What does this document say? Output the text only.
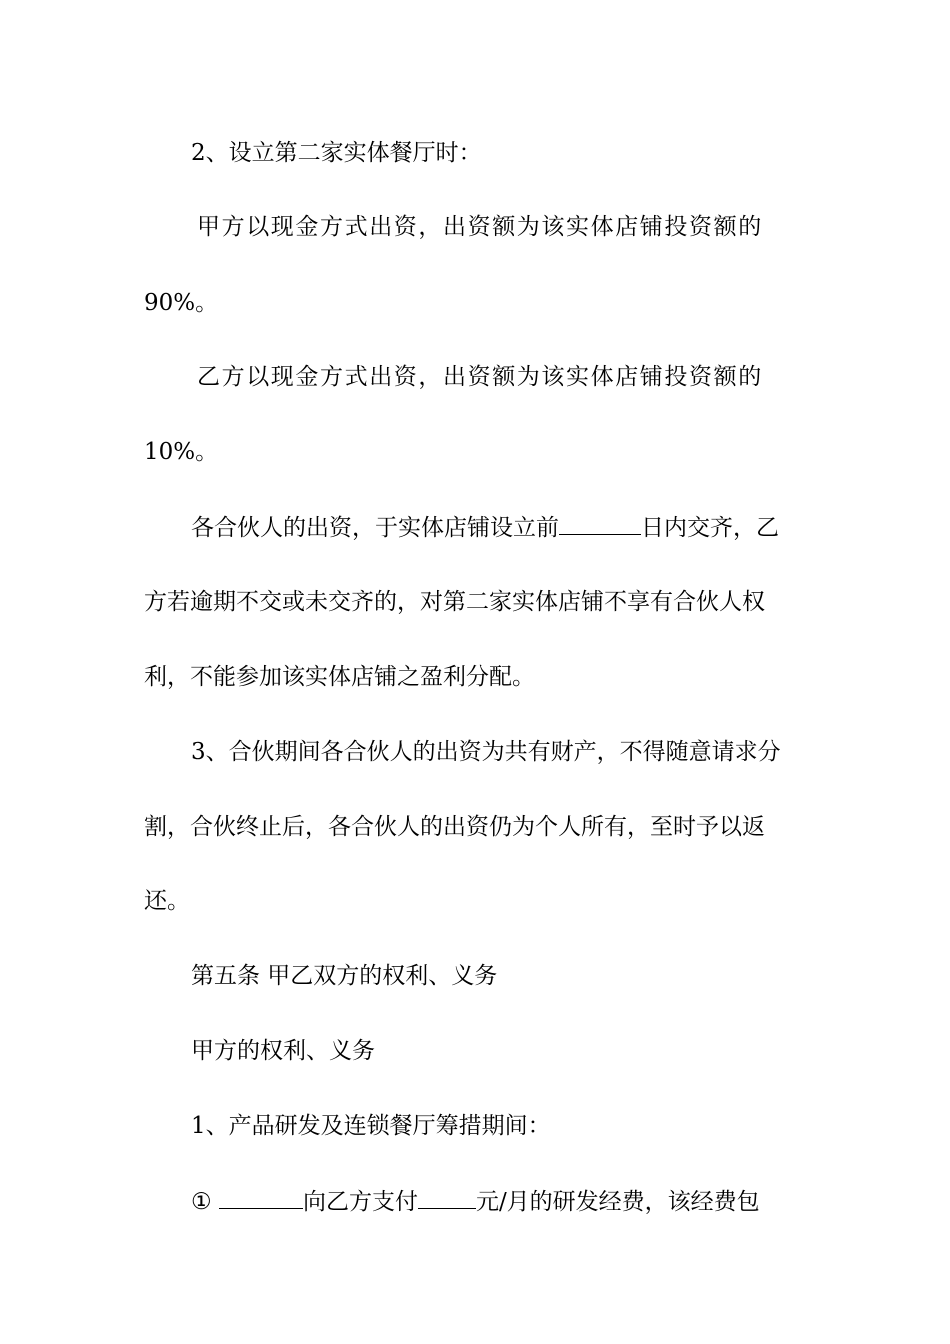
2、设立第二家实体餐厅时：
甲方以现金方式出资，出资额为该实体店铺投资额的
90%。
乙方以现金方式出资，出资额为该实体店铺投资额的
10%。
各合伙人的出资，于实体店铺设立前	日内交齐，乙
方若逾期不交或未交齐的，对第二家实体店铺不享有合伙人权
利，不能参加该实体店铺之盈利分配。
3、合伙期间各合伙人的出资为共有财产，不得随意请求分
割，合伙终止后，各合伙人的出资仍为个人所有，至时予以返
还。
第五条 甲乙双方的权利、义务
甲方的权利、义务
1、产品研发及连锁餐厅筹措期间：
①	向乙方支付	元/月的研发经费，该经费包
